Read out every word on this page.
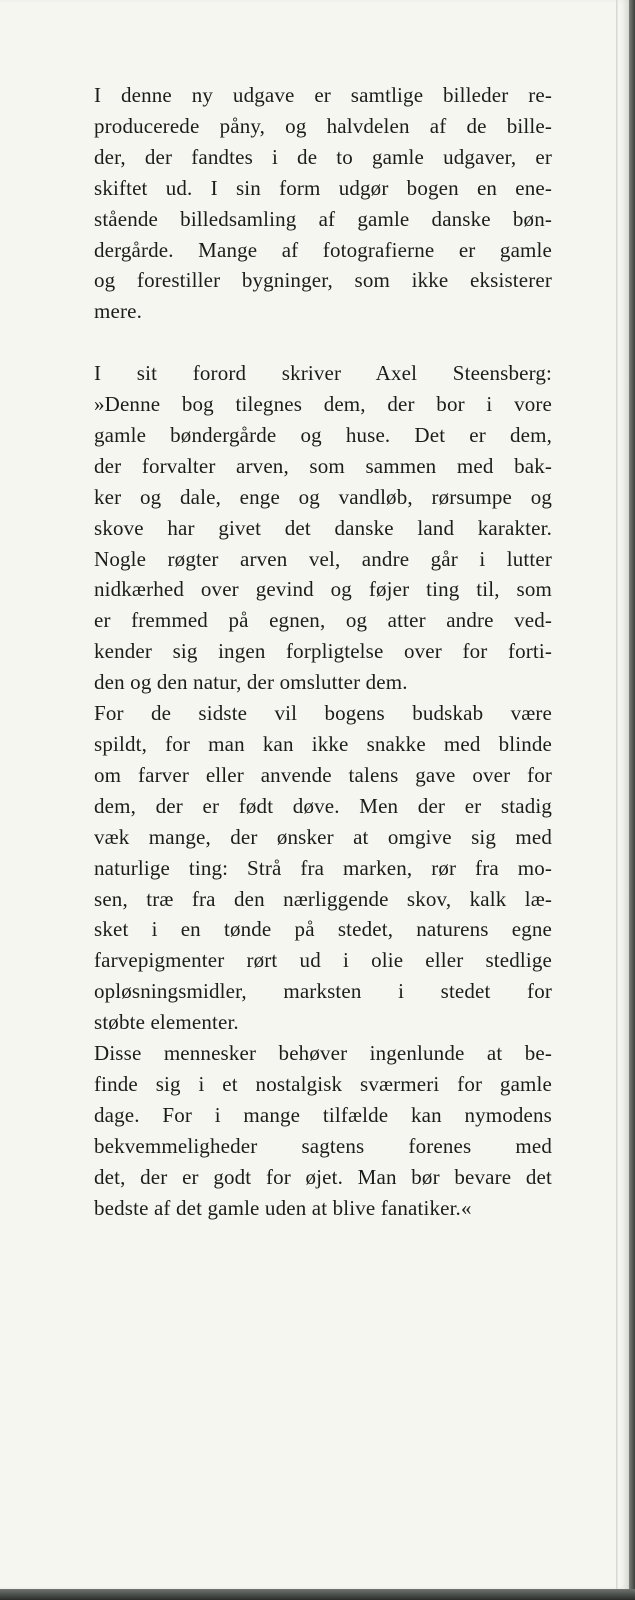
I denne ny udgave er samtlige billeder re-
producerede påny, og halvdelen af de bille-
der, der fandtes i de to gamle udgaver, er
skiftet ud. I sin form udgør bogen en ene-
stående billedsamling af gamle danske bøn-
dergårde. Mange af fotografierne er gamle
og forestiller bygninger, som ikke eksisterer
mere.
I sit forord skriver Axel Steensberg:
»Denne bog tilegnes dem, der bor i vore
gamle bøndergårde og huse. Det er dem,
der forvalter arven, som sammen med bak-
ker og dale, enge og vandløb, rørsumpe og
skove har givet det danske land karakter.
Nogle røgter arven vel, andre går i lutter
nidkærhed over gevind og føjer ting til, som
er fremmed på egnen, og atter andre ved-
kender sig ingen forpligtelse over for forti-
den og den natur, der omslutter dem.
For de sidste vil bogens budskab være
spildt, for man kan ikke snakke med blinde
om farver eller anvende talens gave over for
dem, der er født døve. Men der er stadig
væk mange, der ønsker at omgive sig med
naturlige ting: Strå fra marken, rør fra mo-
sen, træ fra den nærliggende skov, kalk læ-
sket i en tønde på stedet, naturens egne
farvepigmenter rørt ud i olie eller stedlige
opløsningsmidler, marksten i stedet for
støbte elementer.
Disse mennesker behøver ingenlunde at be-
finde sig i et nostalgisk sværmeri for gamle
dage. For i mange tilfælde kan nymodens
bekvemmeligheder sagtens forenes med
det, der er godt for øjet. Man bør bevare det
bedste af det gamle uden at blive fanatiker.«
